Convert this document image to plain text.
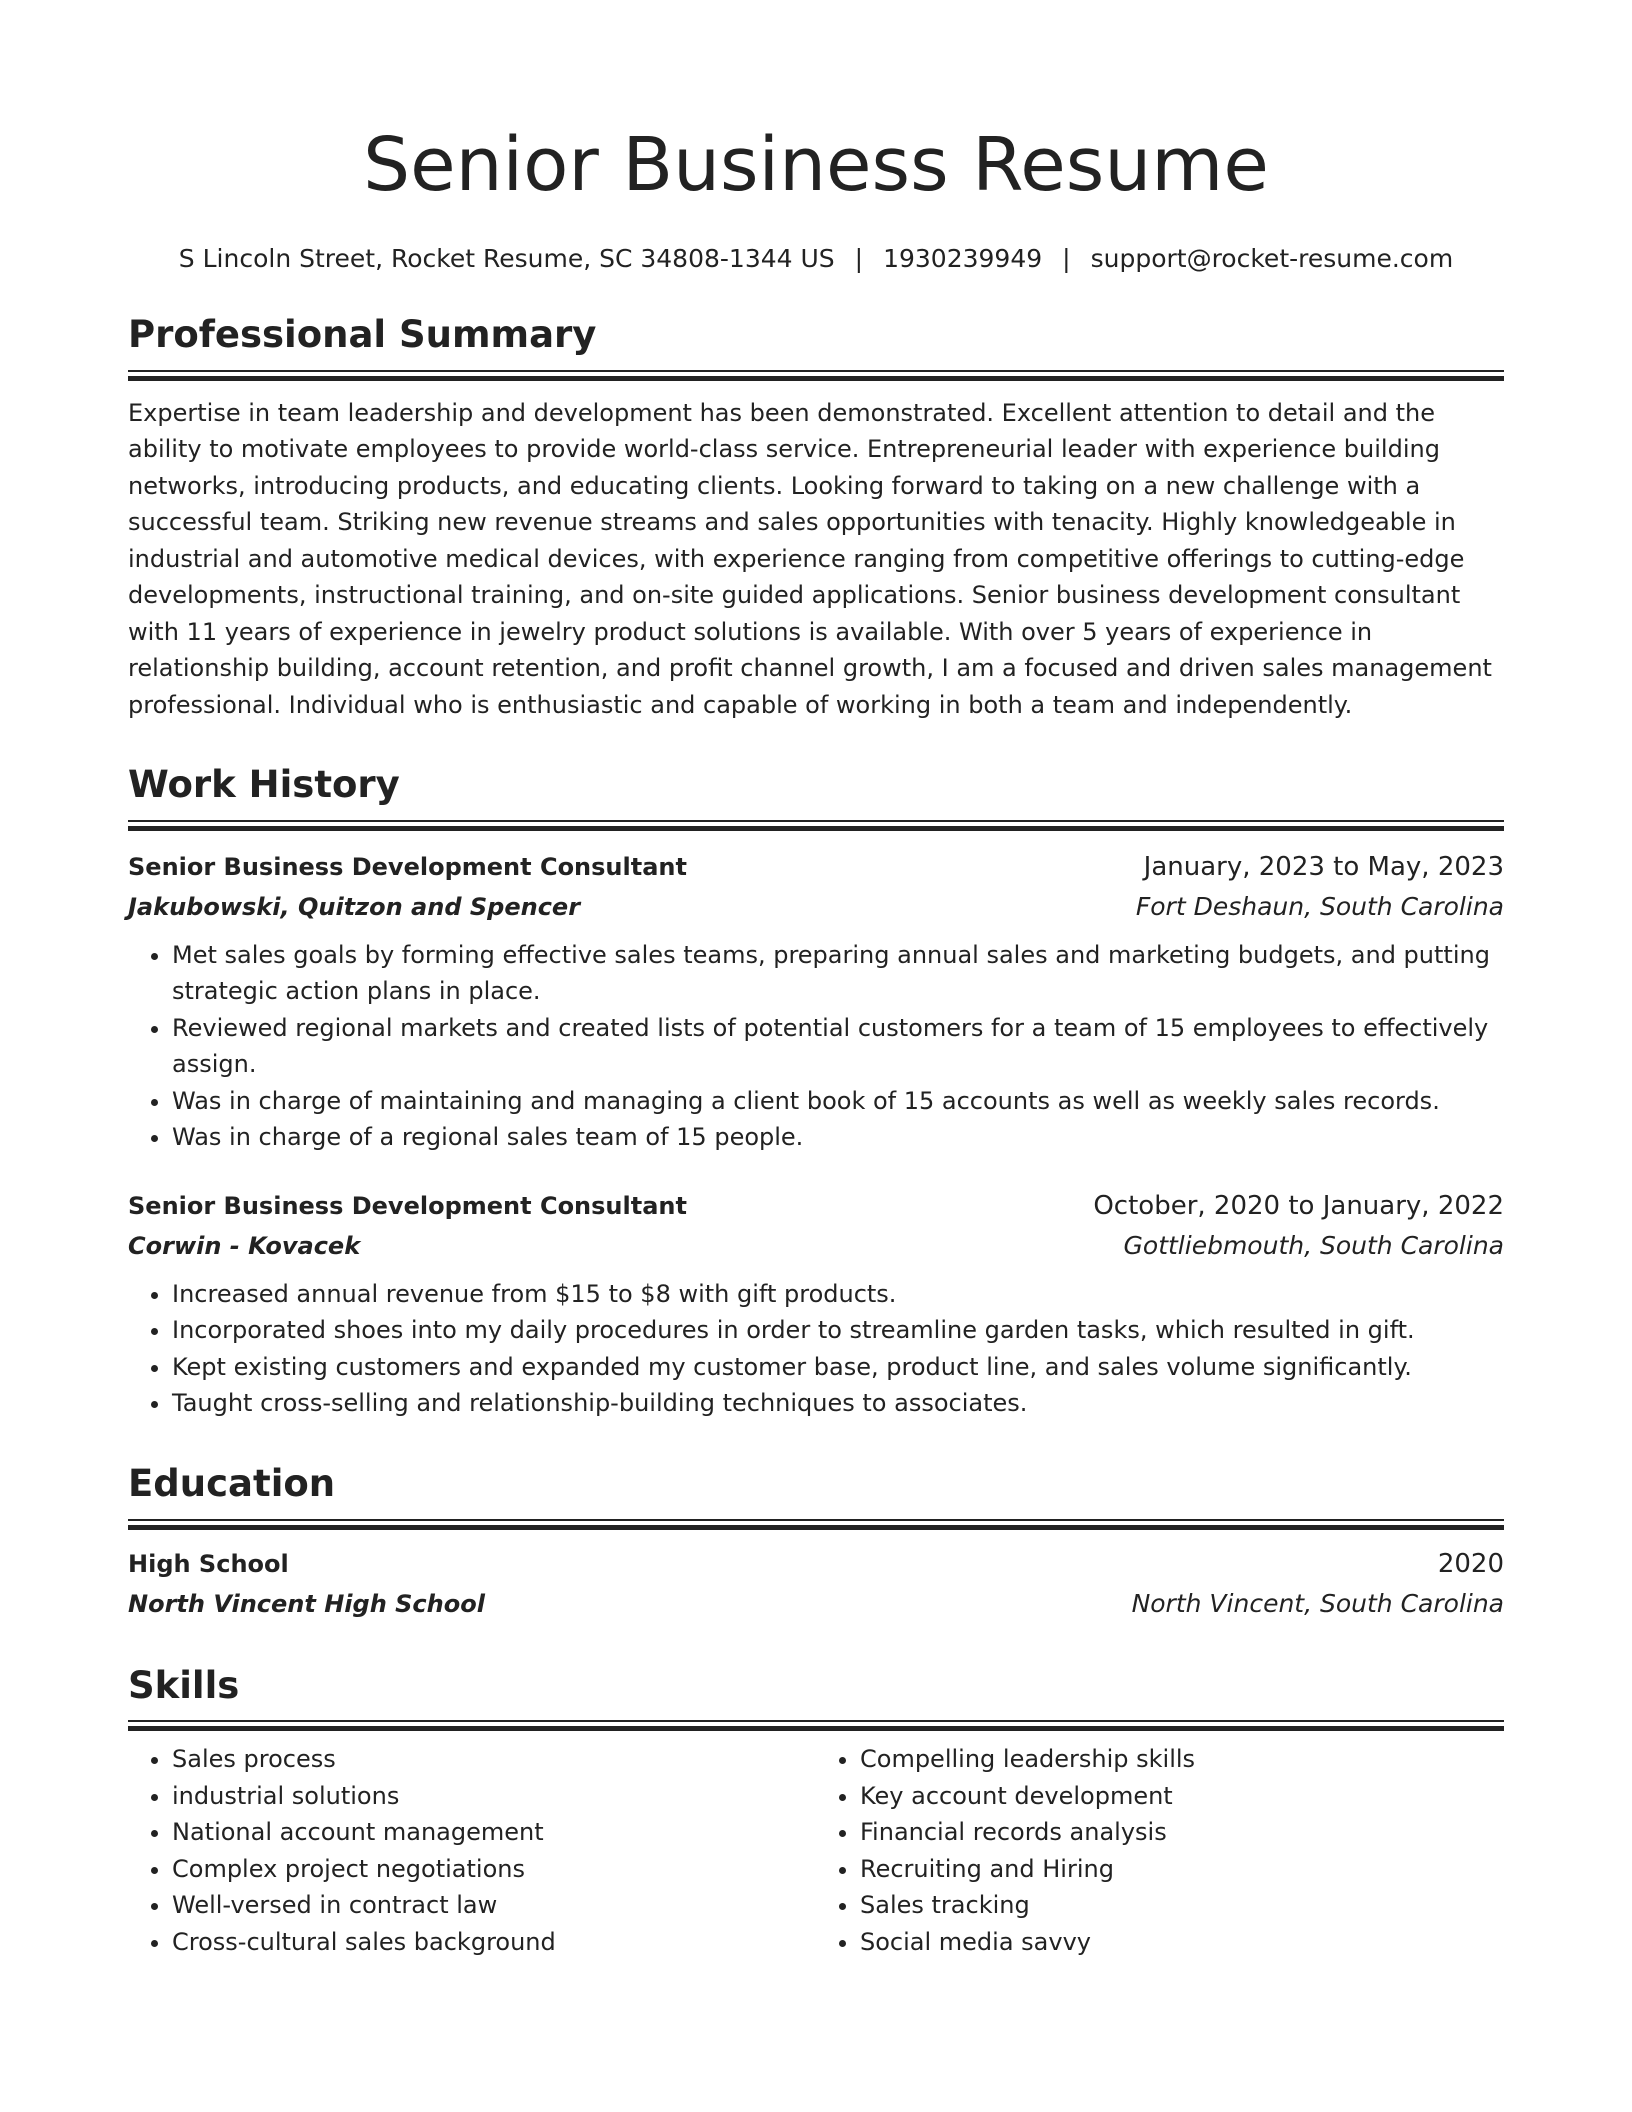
Senior Business Resume
S Lincoln Street, Rocket Resume, SC 34808-1344 US | 1930239949 | support@rocket-resume.com
Professional Summary
Expertise in team leadership and development has been demonstrated. Excellent attention to detail and the ability to motivate employees to provide world-class service. Entrepreneurial leader with experience building networks, introducing products, and educating clients. Looking forward to taking on a new challenge with a successful team. Striking new revenue streams and sales opportunities with tenacity. Highly knowledgeable in industrial and automotive medical devices, with experience ranging from competitive offerings to cutting-edge developments, instructional training, and on-site guided applications. Senior business development consultant with 11 years of experience in jewelry product solutions is available. With over 5 years of experience in relationship building, account retention, and profit channel growth, I am a focused and driven sales management professional. Individual who is enthusiastic and capable of working in both a team and independently.
Work History
Senior Business Development Consultant	January, 2023 to May, 2023
Jakubowski, Quitzon and Spencer	Fort Deshaun, South Carolina
• Met sales goals by forming effective sales teams, preparing annual sales and marketing budgets, and putting strategic action plans in place.
• Reviewed regional markets and created lists of potential customers for a team of 15 employees to effectively assign.
• Was in charge of maintaining and managing a client book of 15 accounts as well as weekly sales records.
• Was in charge of a regional sales team of 15 people.
Senior Business Development Consultant	October, 2020 to January, 2022
Corwin - Kovacek	Gottliebmouth, South Carolina
• Increased annual revenue from $15 to $8 with gift products.
• Incorporated shoes into my daily procedures in order to streamline garden tasks, which resulted in gift.
• Kept existing customers and expanded my customer base, product line, and sales volume significantly.
• Taught cross-selling and relationship-building techniques to associates.
Education
High School	2020
North Vincent High School	North Vincent, South Carolina
Skills
• Sales process
• industrial solutions
• National account management
• Complex project negotiations
• Well-versed in contract law
• Cross-cultural sales background
• Compelling leadership skills
• Key account development
• Financial records analysis
• Recruiting and Hiring
• Sales tracking
• Social media savvy
